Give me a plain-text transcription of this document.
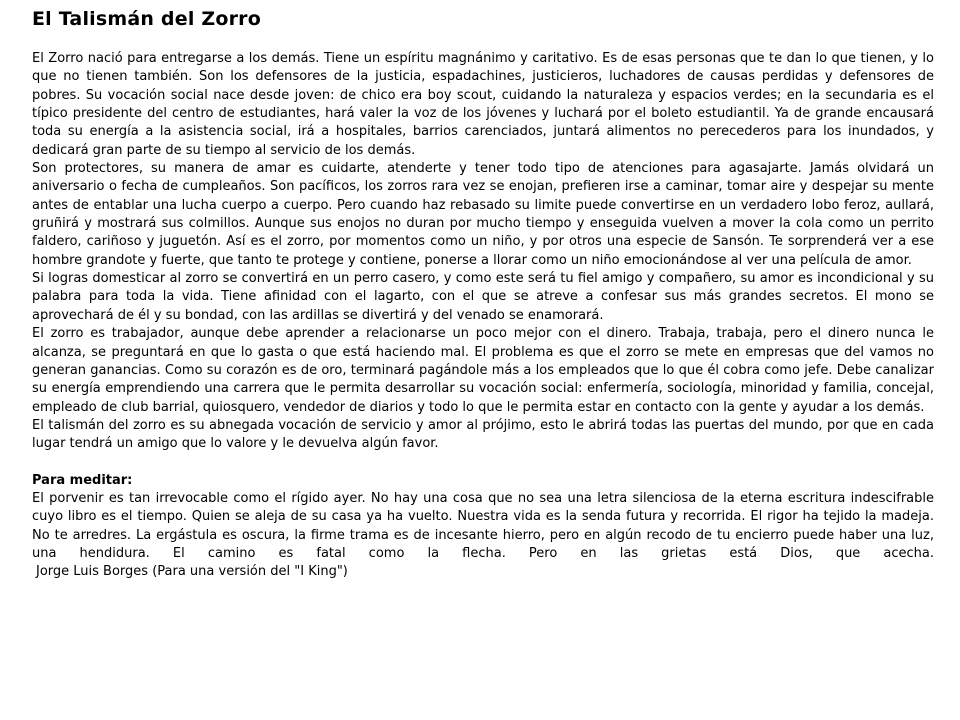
El Talismán del Zorro

El Zorro nació para entregarse a los demás. Tiene un espíritu magnánimo y caritativo. Es de esas personas que te dan lo que tienen, y lo que no tienen también. Son los defensores de la justicia, espadachines, justicieros, luchadores de causas perdidas y defensores de pobres. Su vocación social nace desde joven: de chico era boy scout, cuidando la naturaleza y espacios verdes; en la secundaria es el típico presidente del centro de estudiantes, hará valer la voz de los jóvenes y luchará por el boleto estudiantil. Ya de grande encausará toda su energía a la asistencia social, irá a hospitales, barrios carenciados, juntará alimentos no perecederos para los inundados, y dedicará gran parte de su tiempo al servicio de los demás.

Son protectores, su manera de amar es cuidarte, atenderte y tener todo tipo de atenciones para agasajarte. Jamás olvidará un aniversario o fecha de cumpleaños. Son pacíficos, los zorros rara vez se enojan, prefieren irse a caminar, tomar aire y despejar su mente antes de entablar una lucha cuerpo a cuerpo. Pero cuando haz rebasado su limite puede convertirse en un verdadero lobo feroz, aullará, gruñirá y mostrará sus colmillos. Aunque sus enojos no duran por mucho tiempo y enseguida vuelven a mover la cola como un perrito faldero, cariñoso y juguetón. Así es el zorro, por momentos como un niño, y por otros una especie de Sansón. Te sorprenderá ver a ese hombre grandote y fuerte, que tanto te protege y contiene, ponerse a llorar como un niño emocionándose al ver una película de amor.

Si logras domesticar al zorro se convertirá en un perro casero, y como este será tu fiel amigo y compañero, su amor es incondicional y su palabra para toda la vida. Tiene afinidad con el lagarto, con el que se atreve a confesar sus más grandes secretos. El mono se aprovechará de él y su bondad, con las ardillas se divertirá y del venado se enamorará.

El zorro es trabajador, aunque debe aprender a relacionarse un poco mejor con el dinero. Trabaja, trabaja, pero el dinero nunca le alcanza, se preguntará en que lo gasta o que está haciendo mal. El problema es que el zorro se mete en empresas que del vamos no generan ganancias. Como su corazón es de oro, terminará pagándole más a los empleados que lo que él cobra como jefe. Debe canalizar su energía emprendiendo una carrera que le permita desarrollar su vocación social: enfermería, sociología, minoridad y familia, concejal, empleado de club barrial, quiosquero, vendedor de diarios y todo lo que le permita estar en contacto con la gente y ayudar a los demás.

El talismán del zorro es su abnegada vocación de servicio y amor al prójimo, esto le abrirá todas las puertas del mundo, por que en cada lugar tendrá un amigo que lo valore y le devuelva algún favor.

Para meditar:

El porvenir es tan irrevocable como el rígido ayer. No hay una cosa que no sea una letra silenciosa de la eterna escritura indescifrable cuyo libro es el tiempo. Quien se aleja de su casa ya ha vuelto. Nuestra vida es la senda futura y recorrida. El rigor ha tejido la madeja. No te arredres. La ergástula es oscura, la firme trama es de incesante hierro, pero en algún recodo de tu encierro puede haber una luz, una hendidura. El camino es fatal como la flecha. Pero en las grietas está Dios, que acecha.

Jorge Luis Borges (Para una versión del "I King")
